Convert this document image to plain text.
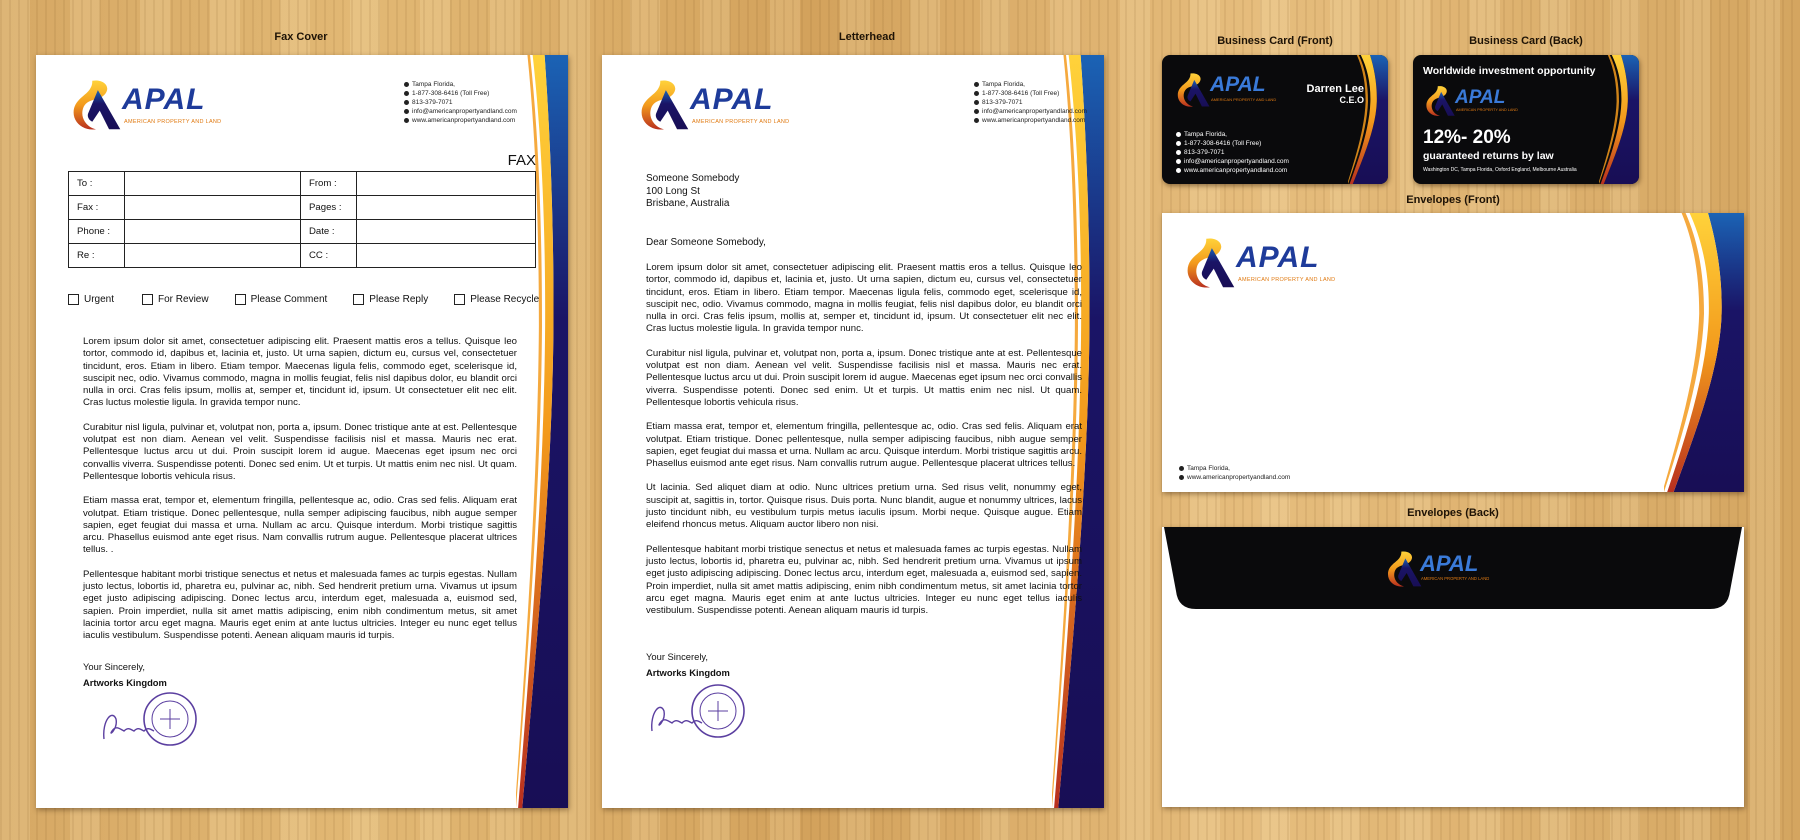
Fax Cover
APAL
AMERICAN PROPERTY AND LAND
Tampa Florida,
1-877-308-6416 (Toll Free)
813-379-7071
info@americanpropertyandland.com
www.americanpropertyandland.com
FAX
To :		From :	
Fax :		Pages :	
Phone :		Date :	
Re :		CC :	
Urgent	For Review	Please Comment	Please Reply	Please Recycle

Lorem ipsum dolor sit amet, consectetuer adipiscing elit. Praesent mattis eros a tellus. Quisque leo tortor, commodo id, dapibus et, lacinia et, justo. Ut urna sapien, dictum eu, cursus vel, consectetuer tincidunt, eros. Etiam in libero. Etiam tempor. Maecenas ligula felis, commodo eget, scelerisque id, suscipit nec, odio. Vivamus commodo, magna in mollis feugiat, felis nisl dapibus dolor, eu blandit orci nulla in orci. Cras felis ipsum, mollis at, semper et, tincidunt id, ipsum. Ut consectetuer elit nec elit. Cras luctus molestie ligula. In gravida tempor nunc.

Curabitur nisl ligula, pulvinar et, volutpat non, porta a, ipsum. Donec tristique ante at est. Pellentesque volutpat est non diam. Aenean vel velit. Suspendisse facilisis nisl et massa. Mauris nec erat. Pellentesque luctus arcu ut dui. Proin suscipit lorem id augue. Maecenas eget ipsum nec orci convallis viverra. Suspendisse potenti. Donec sed enim. Ut et turpis. Ut mattis enim nec nisl. Ut quam. Pellentesque lobortis vehicula risus.

Etiam massa erat, tempor et, elementum fringilla, pellentesque ac, odio. Cras sed felis. Aliquam erat volutpat. Etiam tristique. Donec pellentesque, nulla semper adipiscing faucibus, nibh augue semper sapien, eget feugiat dui massa et urna. Nullam ac arcu. Quisque interdum. Morbi tristique sagittis arcu. Phasellus euismod ante eget risus. Nam convallis rutrum augue. Pellentesque placerat ultrices tellus. .

Pellentesque habitant morbi tristique senectus et netus et malesuada fames ac turpis egestas. Nullam justo lectus, lobortis id, pharetra eu, pulvinar ac, nibh. Sed hendrerit pretium urna. Vivamus ut ipsum eget justo adipiscing adipiscing. Donec lectus arcu, interdum eget, malesuada a, euismod sed, sapien. Proin imperdiet, nulla sit amet mattis adipiscing, enim nibh condimentum metus, sit amet lacinia tortor arcu eget magna. Mauris eget enim at ante luctus ultricies. Integer eu nunc eget tellus iaculis vestibulum. Suspendisse potenti. Aenean aliquam mauris id turpis.

Your Sincerely,
Artworks Kingdom
Letterhead
APAL
AMERICAN PROPERTY AND LAND
Tampa Florida,
1-877-308-6416 (Toll Free)
813-379-7071
info@americanpropertyandland.com
www.americanpropertyandland.com
Someone Somebody
100 Long St
Brisbane, Australia
Dear Someone Somebody,

Lorem ipsum dolor sit amet, consectetuer adipiscing elit. Praesent mattis eros a tellus. Quisque leo tortor, commodo id, dapibus et, lacinia et, justo. Ut urna sapien, dictum eu, cursus vel, consectetuer tincidunt, eros. Etiam in libero. Etiam tempor. Maecenas ligula felis, commodo eget, scelerisque id, suscipit nec, odio. Vivamus commodo, magna in mollis feugiat, felis nisl dapibus dolor, eu blandit orci nulla in orci. Cras felis ipsum, mollis at, semper et, tincidunt id, ipsum. Ut consectetuer elit nec elit. Cras luctus molestie ligula. In gravida tempor nunc.

Curabitur nisl ligula, pulvinar et, volutpat non, porta a, ipsum. Donec tristique ante at est. Pellentesque volutpat est non diam. Aenean vel velit. Suspendisse facilisis nisl et massa. Mauris nec erat. Pellentesque luctus arcu ut dui. Proin suscipit lorem id augue. Maecenas eget ipsum nec orci convallis viverra. Suspendisse potenti. Donec sed enim. Ut et turpis. Ut mattis enim nec nisl. Ut quam. Pellentesque lobortis vehicula risus.

Etiam massa erat, tempor et, elementum fringilla, pellentesque ac, odio. Cras sed felis. Aliquam erat volutpat. Etiam tristique. Donec pellentesque, nulla semper adipiscing faucibus, nibh augue semper sapien, eget feugiat dui massa et urna. Nullam ac arcu. Quisque interdum. Morbi tristique sagittis arcu. Phasellus euismod ante eget risus. Nam convallis rutrum augue. Pellentesque placerat ultrices tellus.

Ut lacinia. Sed aliquet diam at odio. Nunc ultrices pretium urna. Sed risus velit, nonummy eget, suscipit at, sagittis in, tortor. Quisque risus. Duis porta. Nunc blandit, augue et nonummy ultrices, lacus justo tincidunt nibh, eu vestibulum turpis metus iaculis ipsum. Morbi neque. Quisque augue. Etiam eleifend rhoncus metus. Aliquam auctor libero non nisi.

Pellentesque habitant morbi tristique senectus et netus et malesuada fames ac turpis egestas. Nullam justo lectus, lobortis id, pharetra eu, pulvinar ac, nibh. Sed hendrerit pretium urna. Vivamus ut ipsum eget justo adipiscing adipiscing. Donec lectus arcu, interdum eget, malesuada a, euismod sed, sapien. Proin imperdiet, nulla sit amet mattis adipiscing, enim nibh condimentum metus, sit amet lacinia tortor arcu eget magna. Mauris eget enim at ante luctus ultricies. Integer eu nunc eget tellus iaculis vestibulum. Suspendisse potenti. Aenean aliquam mauris id turpis.

Your Sincerely,
Artworks Kingdom
Business Card (Front)
APAL
AMERICAN PROPERTY AND LAND
Darren Lee
C.E.O
Tampa Florida,
1-877-308-6416 (Toll Free)
813-379-7071
info@americanpropertyandland.com
www.americanpropertyandland.com
Business Card (Back)
Worldwide investment opportunity
APAL
AMERICAN PROPERTY AND LAND
12%- 20%
guaranteed returns by law
Washington DC, Tampa Florida, Oxford England, Melbourne Australia
Envelopes (Front)
APAL
AMERICAN PROPERTY AND LAND
Tampa Florida,
www.americanpropertyandland.com
Envelopes (Back)
APAL
AMERICAN PROPERTY AND LAND
